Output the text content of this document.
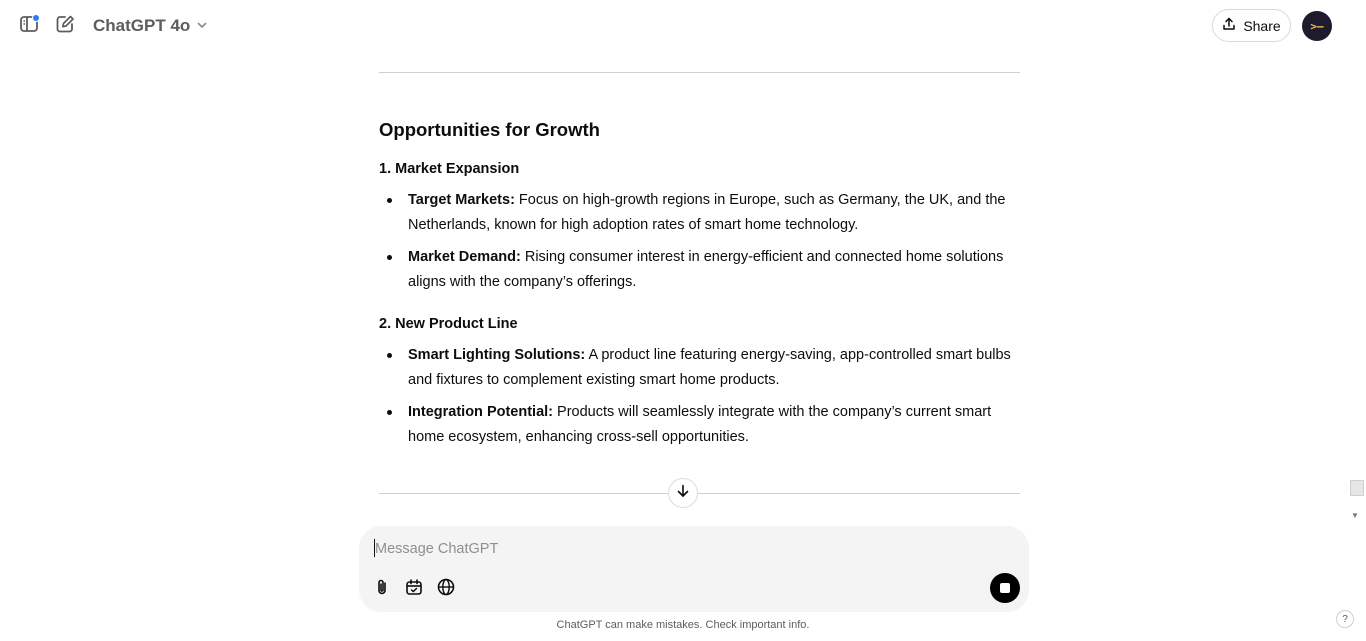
ChatGPT 4o	Share	>–
Opportunities for Growth
1. Market Expansion
Target Markets: Focus on high-growth regions in Europe, such as Germany, the UK, and the Netherlands, known for high adoption rates of smart home technology.
Market Demand: Rising consumer interest in energy-efficient and connected home solutions aligns with the company’s offerings.
2. New Product Line
Smart Lighting Solutions: A product line featuring energy-saving, app-controlled smart bulbs and fixtures to complement existing smart home products.
Integration Potential: Products will seamlessly integrate with the company’s current smart home ecosystem, enhancing cross-sell opportunities.
Message ChatGPT
ChatGPT can make mistakes. Check important info.	?
▼
